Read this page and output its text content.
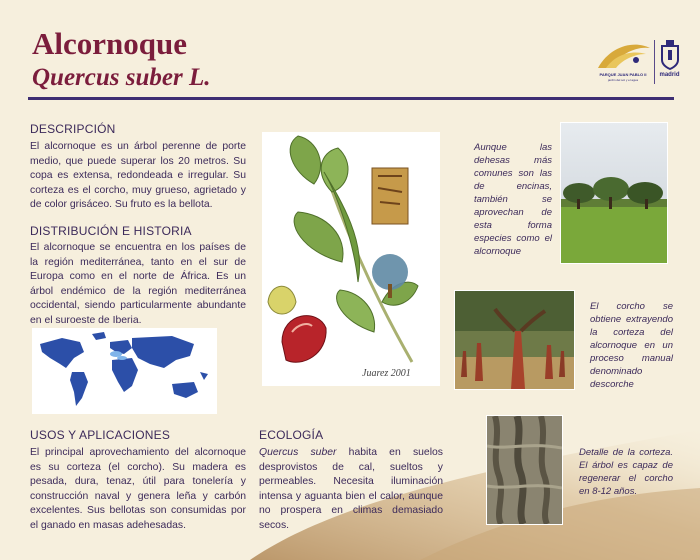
Alcornoque
Quercus suber L.	PARQUE JUAN PABLO II
jardín del sol y el agua
madrid
DESCRIPCIÓN

El alcornoque es un árbol perenne de porte medio, que puede superar los 20 metros. Su copa es extensa, redondeada e irregular. Su corteza es el corcho, muy grueso, agrietado y de color grisáceo. Su fruto es la bellota.

DISTRIBUCIÓN E HISTORIA

El alcornoque se encuentra en los países de la región mediterránea, tanto en el sur de Europa como en el norte de África. Es un árbol endémico de la región mediterránea occidental, siendo particularmente abundante en el suroeste de Iberia.

USOS Y APLICACIONES

El principal aprovechamiento del alcornoque es su corteza (el corcho). Su madera es pesada, dura, tenaz, útil para tonelería y construcción naval y genera leña y carbón excelentes. Sus bellotas son consumidas por el ganado en masas adehesadas.

ECOLOGÍA

Quercus suber habita en suelos desprovistos de cal, sueltos y permeables. Necesita iluminación intensa y aguanta bien el calor, aunque no prospera en climas demasiado secos.

Juarez 2001

Aunque las dehesas más comunes son las de encinas, también se aprovechan de esta forma especies como el alcornoque

El corcho se obtiene extrayendo la corteza del alcornoque en un proceso manual denominado descorche

Detalle de la corteza. El árbol es capaz de regenerar el corcho en 8-12 años.
